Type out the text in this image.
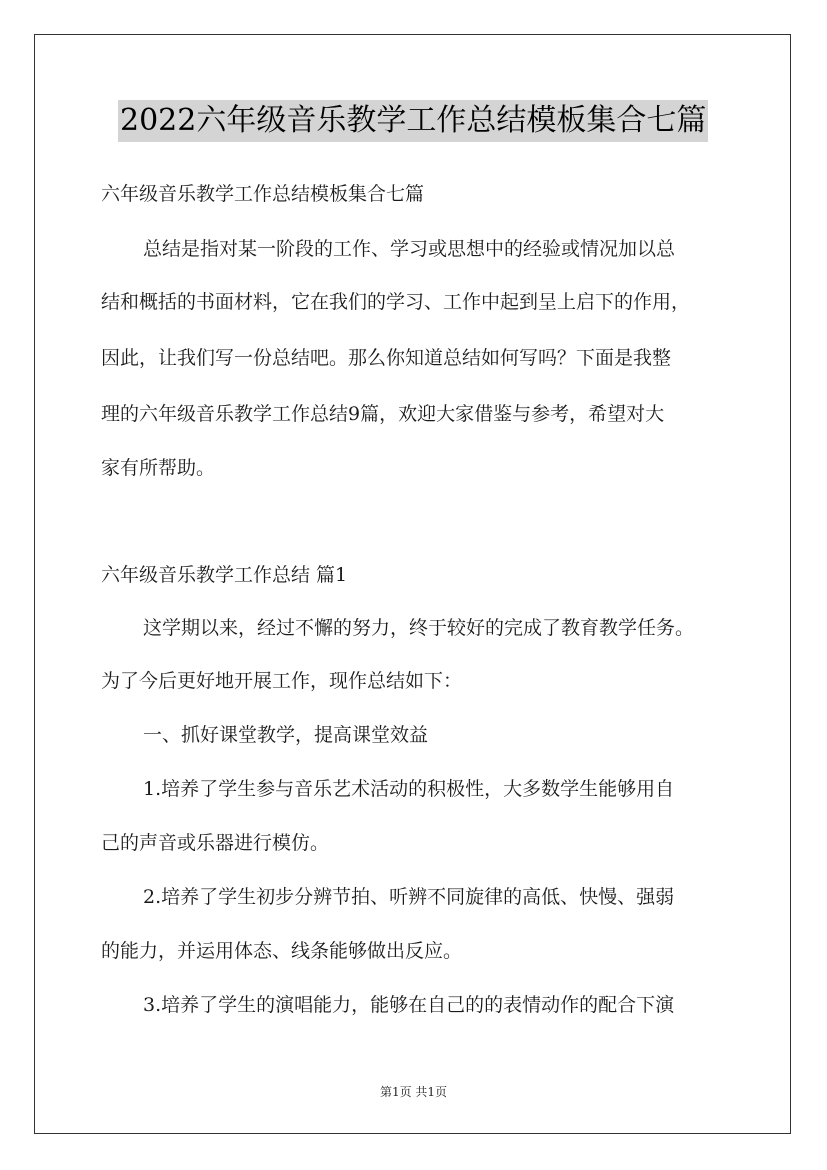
2022六年级音乐教学工作总结模板集合七篇
六年级音乐教学工作总结模板集合七篇
总结是指对某一阶段的工作、学习或思想中的经验或情况加以总
结和概括的书面材料，它在我们的学习、工作中起到呈上启下的作用，
因此，让我们写一份总结吧。那么你知道总结如何写吗？下面是我整
理的六年级音乐教学工作总结9篇，欢迎大家借鉴与参考，希望对大
家有所帮助。
六年级音乐教学工作总结 篇1
这学期以来，经过不懈的努力，终于较好的完成了教育教学任务。
为了今后更好地开展工作，现作总结如下：
一、抓好课堂教学，提高课堂效益
1.培养了学生参与音乐艺术活动的积极性，大多数学生能够用自
己的声音或乐器进行模仿。
2.培养了学生初步分辨节拍、听辨不同旋律的高低、快慢、强弱
的能力，并运用体态、线条能够做出反应。
3.培养了学生的演唱能力，能够在自己的的表情动作的配合下演
第1页 共1页
